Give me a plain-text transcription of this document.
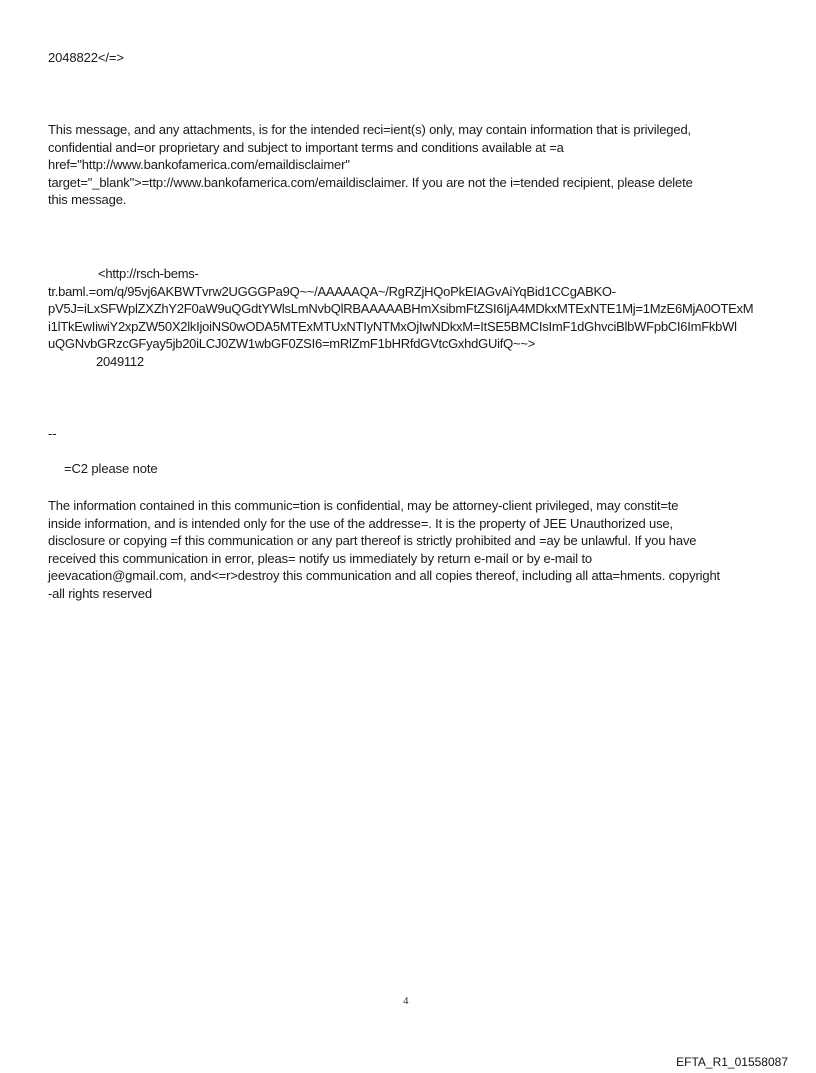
2048822</=>
This message, and any attachments, is for the intended reci=ient(s) only, may contain information that is privileged,
confidential and=or proprietary and subject to important terms and conditions available at =a
href="http://www.bankofamerica.com/emaildisclaimer"
target="_blank">=ttp://www.bankofamerica.com/emaildisclaimer. If you are not the i=tended recipient, please delete
this message.
<http://rsch-bems-
tr.baml.=om/q/95vj6AKBWTvrw2UGGGPa9Q~~/AAAAAQA~/RgRZjHQoPkEIAGvAiYqBid1CCgABKO-
pV5J=iLxSFWplZXZhY2F0aW9uQGdtYWlsLmNvbQlRBAAAAABHmXsibmFtZSI6IjA4MDkxMTExNTE1Mj=1MzE6MjA0OTExM
i1lTkEwIiwiY2xpZW50X2lkIjoiNS0wODA5MTExMTUxNTIyNTMxOjIwNDkxM=ItSE5BMCIsImF1dGhvciBlbWFpbCI6ImFkbWl
uQGNvbGRzcGFyay5jb20iLCJ0ZW1wbGF0ZSI6=mRlZmF1bHRfdGVtcGxhdGUifQ~~>
2049112
--
=C2 please note
The information contained in this communic=tion is confidential, may be attorney-client privileged, may constit=te
inside information, and is intended only for the use of the addresse=. It is the property of JEE Unauthorized use,
disclosure or copying =f this communication or any part thereof is strictly prohibited and =ay be unlawful. If you have
received this communication in error, pleas= notify us immediately by return e-mail or by e-mail to
jeevacation@gmail.com, and<=r>destroy this communication and all copies thereof, including all atta=hments. copyright
-all rights reserved
4
EFTA_R1_01558087
